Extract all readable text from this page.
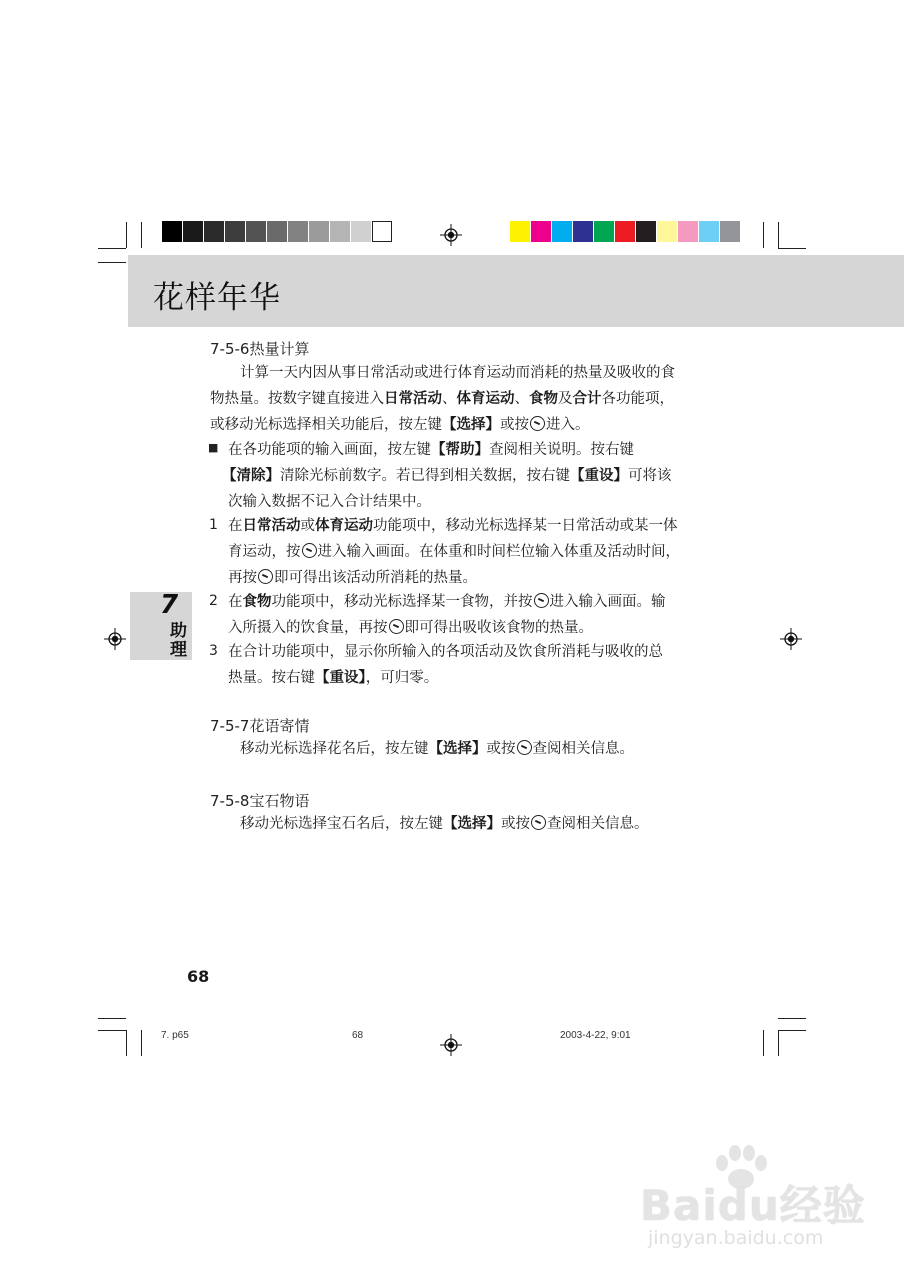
花样年华
7-5-6热量计算
计算一天内因从事日常活动或进行体育运动而消耗的热量及吸收的食
物热量。按数字键直接进入日常活动、体育运动、食物及合计各功能项，
或移动光标选择相关功能后，按左键【选择】或按 进入。
■ 在各功能项的输入画面，按左键【帮助】查阅相关说明。按右键
【清除】清除光标前数字。若已得到相关数据，按右键【重设】可将该
次输入数据不记入合计结果中。
1 在日常活动或体育运动功能项中，移动光标选择某一日常活动或某一体
育运动，按 进入输入画面。在体重和时间栏位输入体重及活动时间，
再按 即可得出该活动所消耗的热量。
2 在食物功能项中，移动光标选择某一食物，并按 进入输入画面。输
入所摄入的饮食量，再按 即可得出吸收该食物的热量。
3 在合计功能项中，显示你所输入的各项活动及饮食所消耗与吸收的总
热量。按右键【重设】，可归零。
7-5-7花语寄情
移动光标选择花名后，按左键【选择】或按 查阅相关信息。
7-5-8宝石物语
移动光标选择宝石名后，按左键【选择】或按 查阅相关信息。
7
助理
68
7. p65	68	2003-4-22, 9:01
Baidu经验
jingyan.baidu.com
